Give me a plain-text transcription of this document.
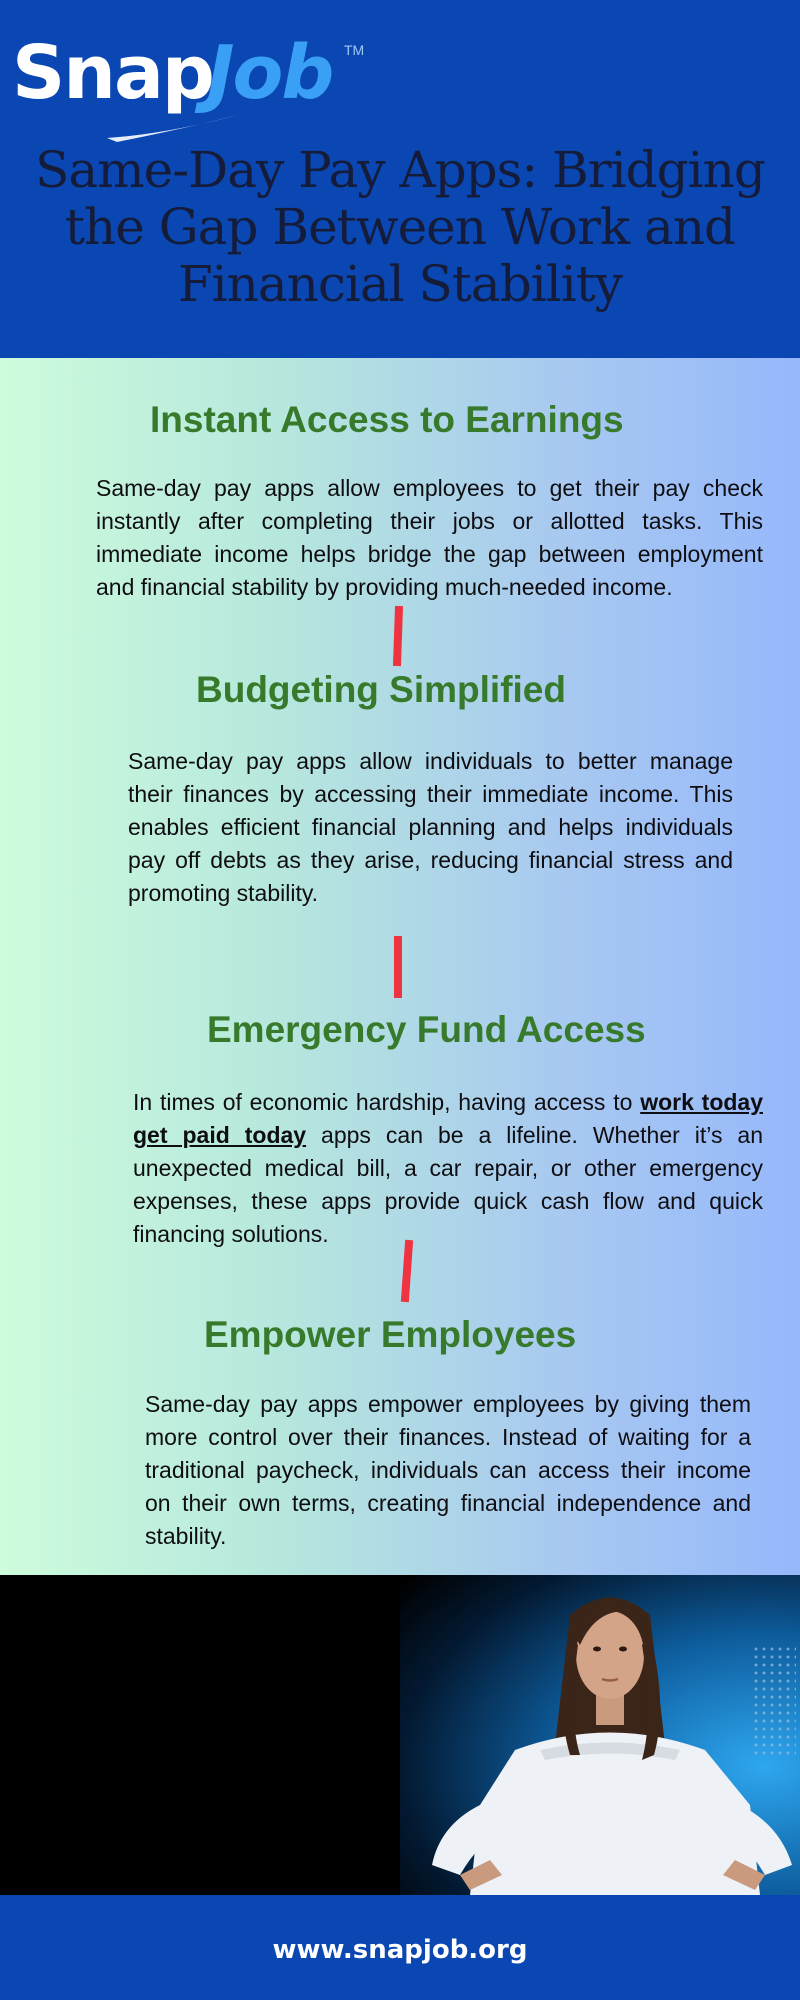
Snap
Job TM
Same-Day Pay Apps: Bridging the Gap Between Work and Financial Stability
Instant Access to Earnings

Same-day pay apps allow employees to get their pay check instantly after completing their jobs or allotted tasks. This immediate income helps bridge the gap between employment and financial stability by providing much-needed income.

Budgeting Simplified

Same-day pay apps allow individuals to better manage their finances by accessing their immediate income. This enables efficient financial planning and helps individuals pay off debts as they arise, reducing financial stress and promoting stability.

Emergency Fund Access

In times of economic hardship, having access to work today get paid today apps can be a lifeline. Whether it’s an unexpected medical bill, a car repair, or other emergency expenses, these apps provide quick cash flow and quick financing solutions.

Empower Employees

Same-day pay apps empower employees by giving them more control over their finances. Instead of waiting for a traditional paycheck, individuals can access their income on their own terms, creating financial independence and stability.

www.snapjob.org
